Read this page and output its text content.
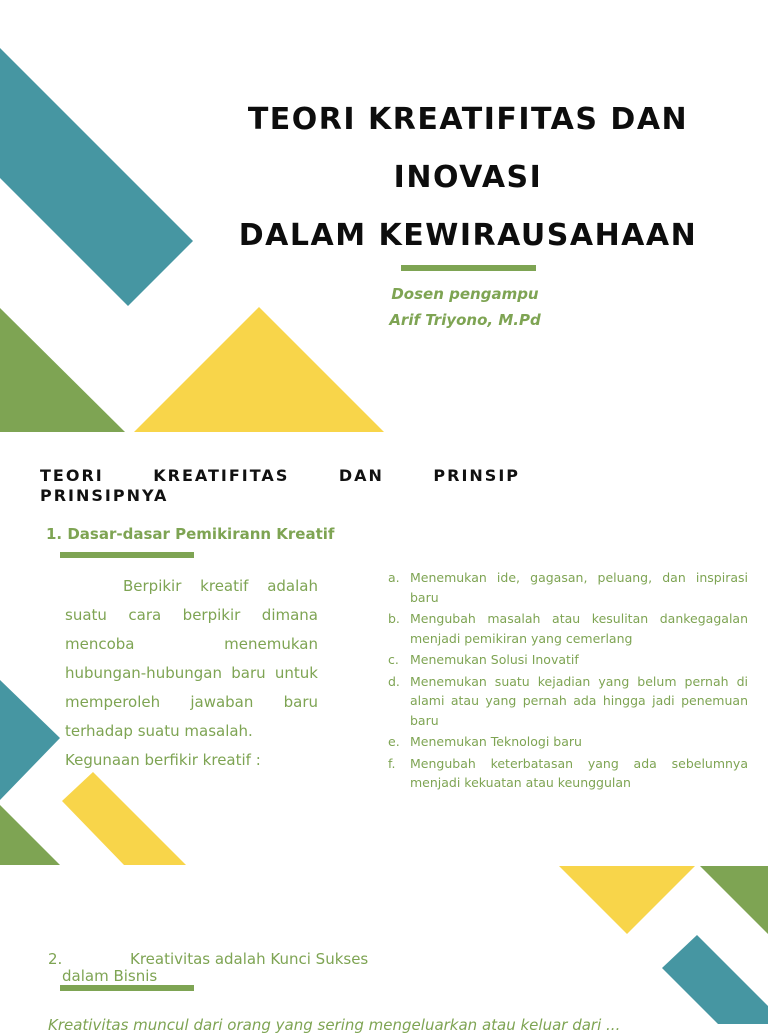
TEORI KREATIFITAS DAN
INOVASI
DALAM KEWIRAUSAHAAN
Dosen pengampu
Arif Triyono, M.Pd
TEORI	KREATIFITAS	DAN	PRINSIP
PRINSIPNYA
1. Dasar-dasar Pemikirann Kreatif

Berpikir kreatif adalah suatu cara berpikir dimana mencoba menemukan hubungan-hubungan baru untuk memperoleh jawaban baru terhadap suatu masalah.

Kegunaan berfikir kreatif :

a. Menemukan ide, gagasan, peluang, dan inspirasi baru
b. Mengubah masalah atau kesulitan dankegagalan menjadi pemikiran yang cemerlang
c. Menemukan Solusi Inovatif
d. Menemukan suatu kejadian yang belum pernah di alami atau yang pernah ada hingga jadi penemuan baru
e. Menemukan Teknologi baru
f. Mengubah keterbatasan yang ada sebelumnya menjadi kekuatan atau keunggulan
2.	Kreativitas adalah Kunci Sukses
dalam Bisnis
Kreativitas muncul dari orang yang sering mengeluarkan atau keluar dari ...
